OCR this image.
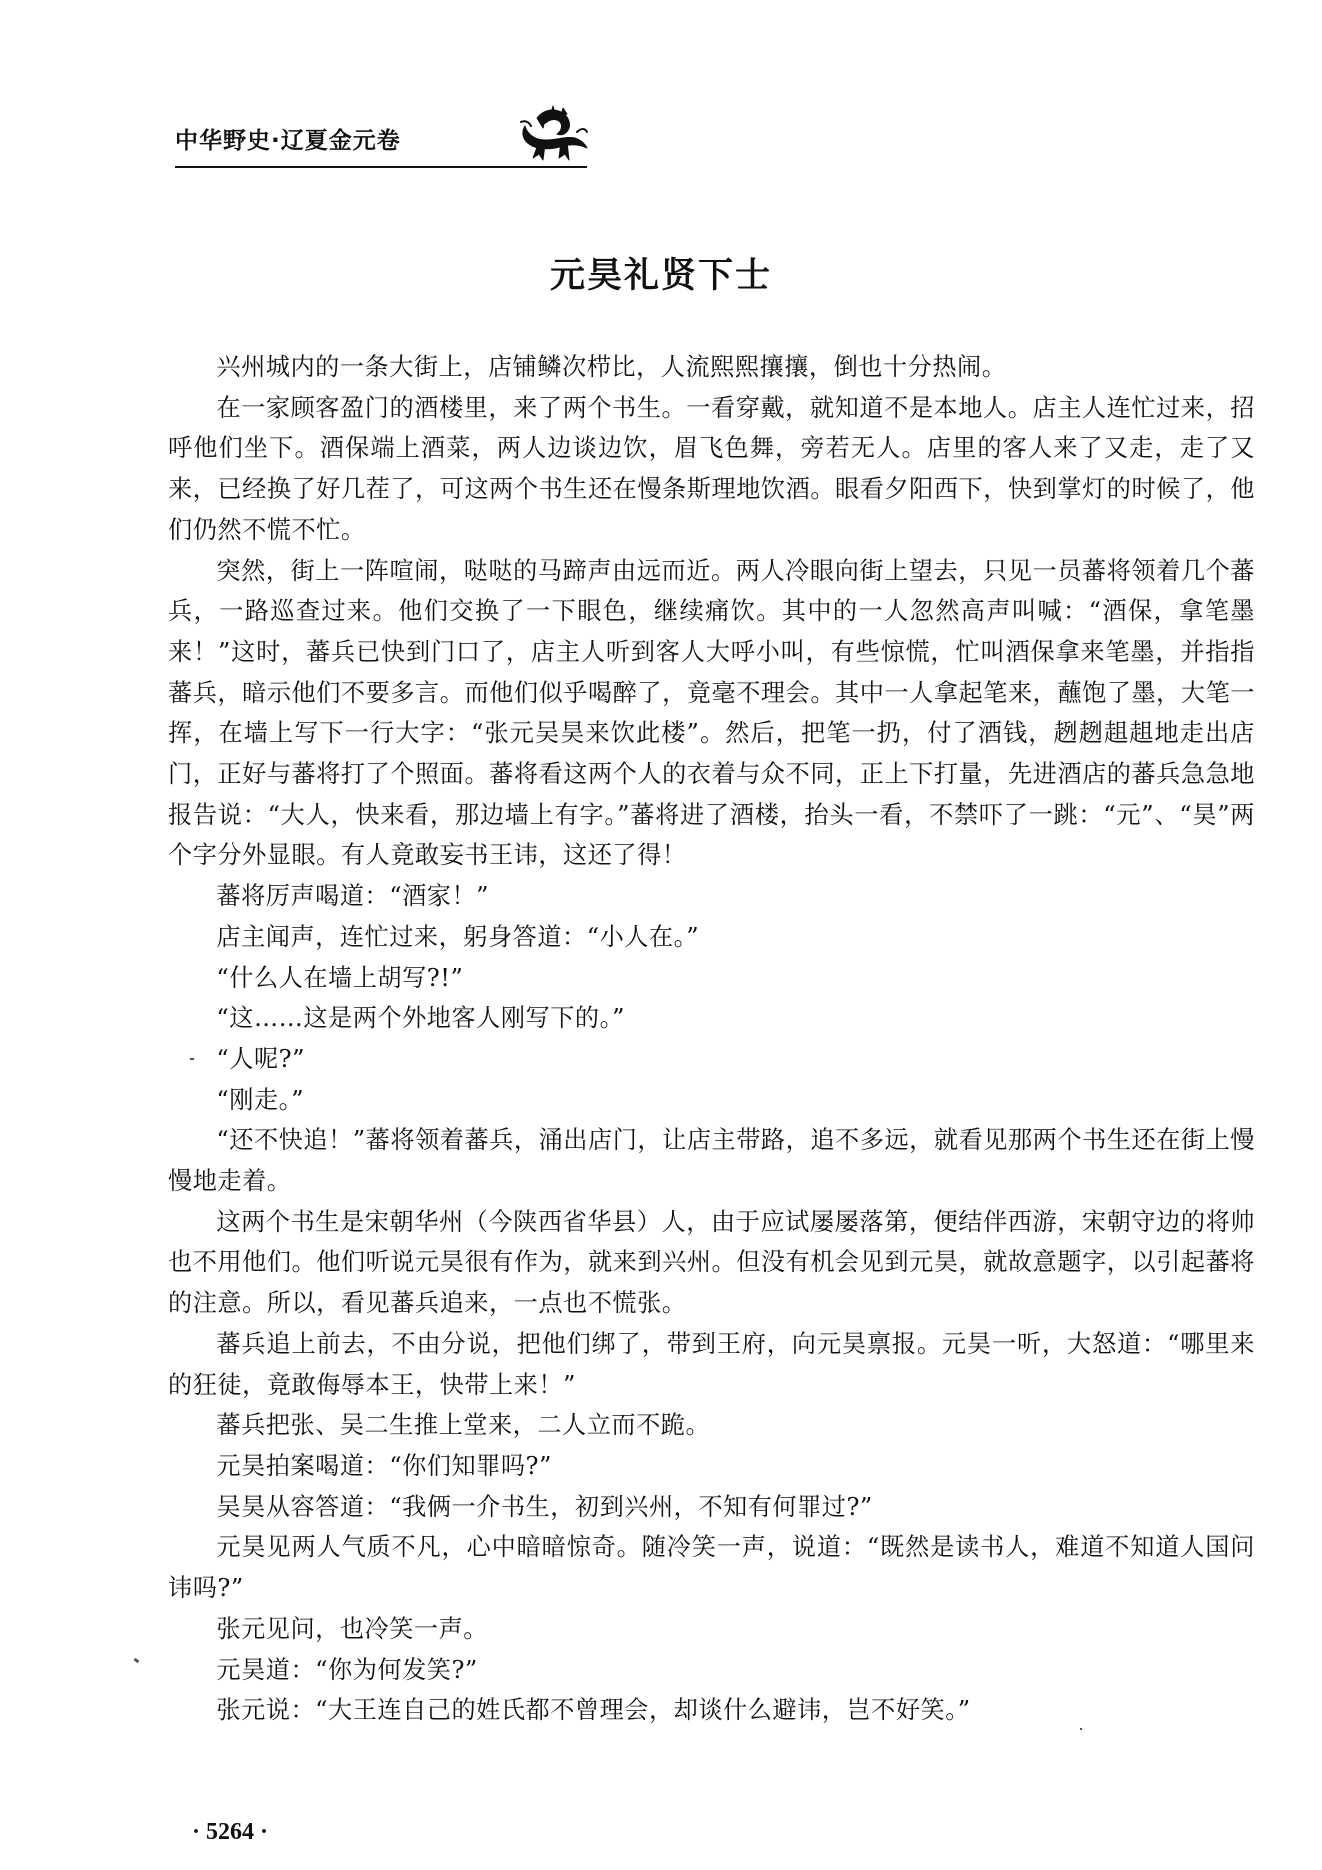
中华野史·辽夏金元卷
元昊礼贤下士

兴州城内的一条大街上，店铺鳞次栉比，人流熙熙攘攘，倒也十分热闹。

在一家顾客盈门的酒楼里，来了两个书生。一看穿戴，就知道不是本地人。店主人连忙过来，招呼他们坐下。酒保端上酒菜，两人边谈边饮，眉飞色舞，旁若无人。店里的客人来了又走，走了又来，已经换了好几茬了，可这两个书生还在慢条斯理地饮酒。眼看夕阳西下，快到掌灯的时候了，他们仍然不慌不忙。

突然，街上一阵喧闹，哒哒的马蹄声由远而近。两人冷眼向街上望去，只见一员蕃将领着几个蕃兵，一路巡查过来。他们交换了一下眼色，继续痛饮。其中的一人忽然高声叫喊：“酒保，拿笔墨来！”这时，蕃兵已快到门口了，店主人听到客人大呼小叫，有些惊慌，忙叫酒保拿来笔墨，并指指蕃兵，暗示他们不要多言。而他们似乎喝醉了，竟毫不理会。其中一人拿起笔来，蘸饱了墨，大笔一挥，在墙上写下一行大字：“张元吴昊来饮此楼”。然后，把笔一扔，付了酒钱，趔趔趄趄地走出店门，正好与蕃将打了个照面。蕃将看这两个人的衣着与众不同，正上下打量，先进酒店的蕃兵急急地报告说：“大人，快来看，那边墙上有字。”蕃将进了酒楼，抬头一看，不禁吓了一跳：“元”、“昊”两个字分外显眼。有人竟敢妄书王讳，这还了得！

蕃将厉声喝道：“酒家！”

店主闻声，连忙过来，躬身答道：“小人在。”

“什么人在墙上胡写?!”

“这……这是两个外地客人刚写下的。”

“人呢?”

“刚走。”

“还不快追！”蕃将领着蕃兵，涌出店门，让店主带路，追不多远，就看见那两个书生还在街上慢慢地走着。

这两个书生是宋朝华州（今陕西省华县）人，由于应试屡屡落第，便结伴西游，宋朝守边的将帅也不用他们。他们听说元昊很有作为，就来到兴州。但没有机会见到元昊，就故意题字，以引起蕃将的注意。所以，看见蕃兵追来，一点也不慌张。

蕃兵追上前去，不由分说，把他们绑了，带到王府，向元昊禀报。元昊一听，大怒道：“哪里来的狂徒，竟敢侮辱本王，快带上来！”

蕃兵把张、吴二生推上堂来，二人立而不跪。

元昊拍案喝道：“你们知罪吗?”

吴昊从容答道：“我俩一介书生，初到兴州，不知有何罪过?”

元昊见两人气质不凡，心中暗暗惊奇。随冷笑一声，说道：“既然是读书人，难道不知道人国问讳吗?”

张元见问，也冷笑一声。

元昊道：“你为何发笑?”

张元说：“大王连自己的姓氏都不曾理会，却谈什么避讳，岂不好笑。”

· 5264 ·
